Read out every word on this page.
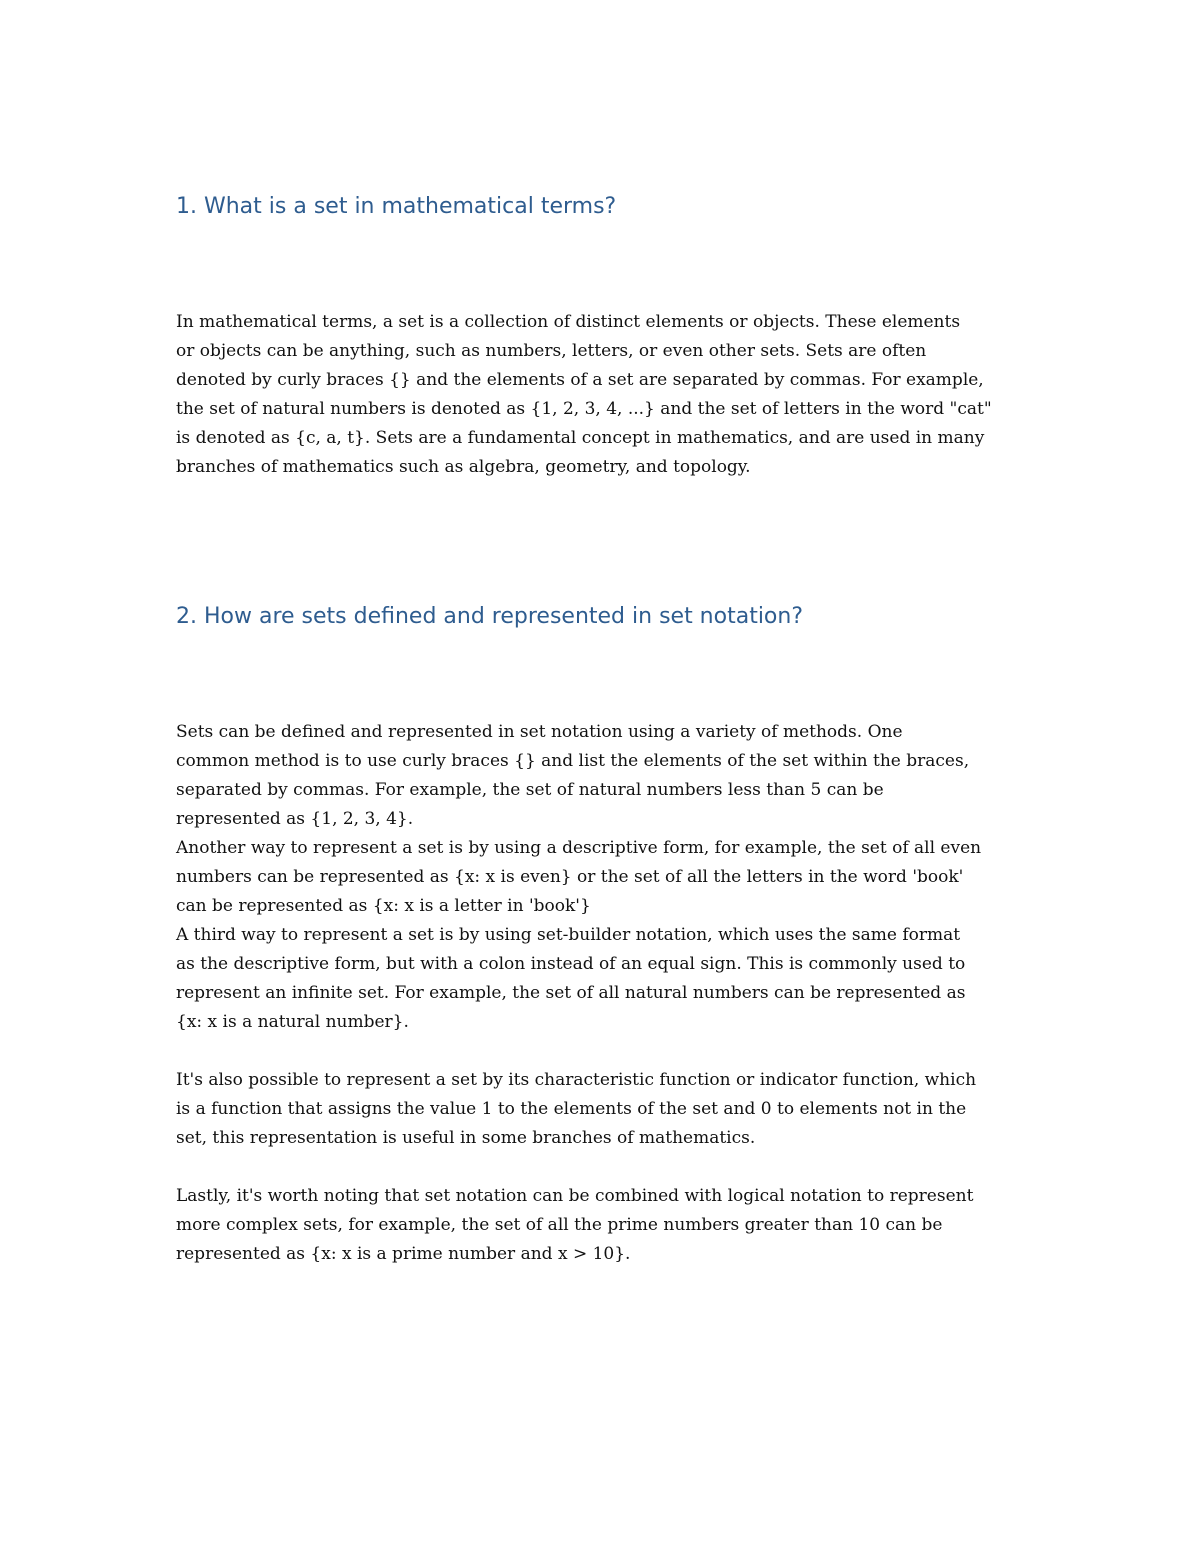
1. What is a set in mathematical terms?

In mathematical terms, a set is a collection of distinct elements or objects. These elements
or objects can be anything, such as numbers, letters, or even other sets. Sets are often
denoted by curly braces {} and the elements of a set are separated by commas. For example,
the set of natural numbers is denoted as {1, 2, 3, 4, ...} and the set of letters in the word "cat"
is denoted as {c, a, t}. Sets are a fundamental concept in mathematics, and are used in many
branches of mathematics such as algebra, geometry, and topology.

2. How are sets defined and represented in set notation?

Sets can be defined and represented in set notation using a variety of methods. One
common method is to use curly braces {} and list the elements of the set within the braces,
separated by commas. For example, the set of natural numbers less than 5 can be
represented as {1, 2, 3, 4}.
Another way to represent a set is by using a descriptive form, for example, the set of all even
numbers can be represented as {x: x is even} or the set of all the letters in the word 'book'
can be represented as {x: x is a letter in 'book'}
A third way to represent a set is by using set-builder notation, which uses the same format
as the descriptive form, but with a colon instead of an equal sign. This is commonly used to
represent an infinite set. For example, the set of all natural numbers can be represented as
{x: x is a natural number}.

It's also possible to represent a set by its characteristic function or indicator function, which
is a function that assigns the value 1 to the elements of the set and 0 to elements not in the
set, this representation is useful in some branches of mathematics.

Lastly, it's worth noting that set notation can be combined with logical notation to represent
more complex sets, for example, the set of all the prime numbers greater than 10 can be
represented as {x: x is a prime number and x > 10}.
